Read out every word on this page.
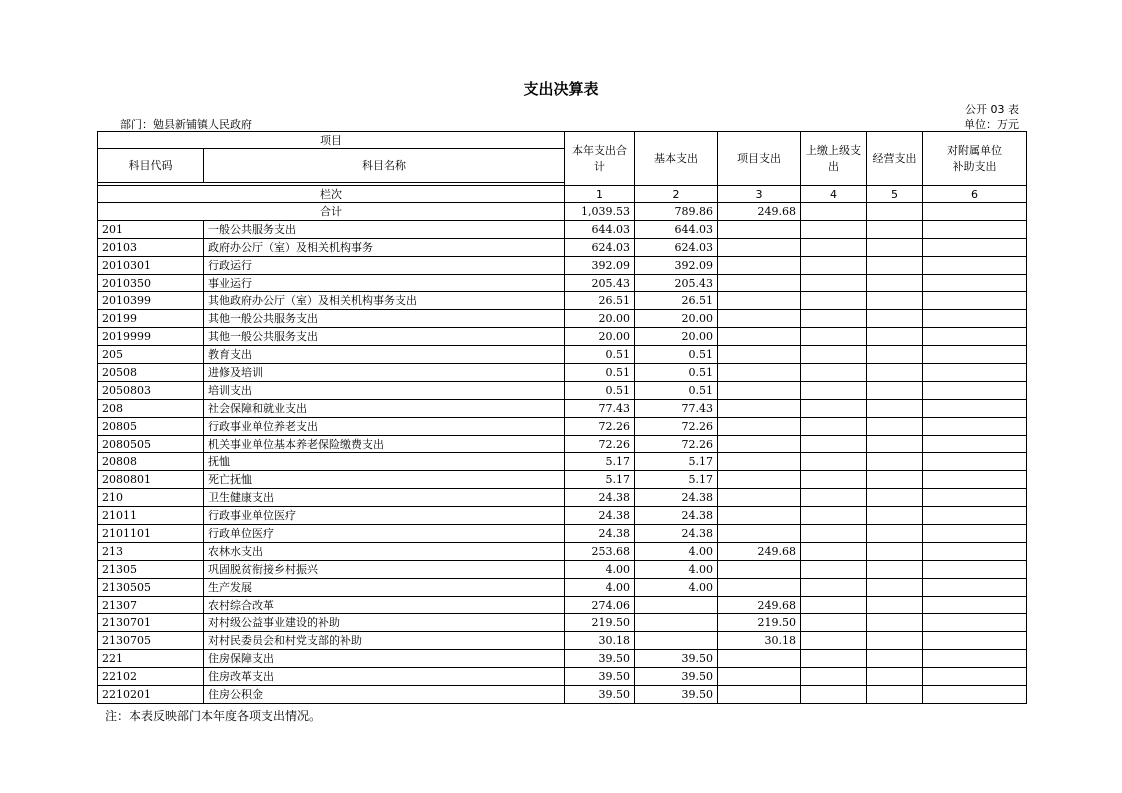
支出决算表
公开 03 表
部门：勉县新铺镇人民政府	单位：万元
项目		本年支出合计	基本支出	项目支出	上缴上级支出	经营支出	对附属单位补助支出
科目代码	科目名称						

栏次		1	2	3	4	5	6
合计		1,039.53	789.86	249.68			
201	一般公共服务支出	644.03	644.03				
20103	政府办公厅（室）及相关机构事务	624.03	624.03				
2010301	行政运行	392.09	392.09				
2010350	事业运行	205.43	205.43				
2010399	其他政府办公厅（室）及相关机构事务支出	26.51	26.51				
20199	其他一般公共服务支出	20.00	20.00				
2019999	其他一般公共服务支出	20.00	20.00				
205	教育支出	0.51	0.51				
20508	进修及培训	0.51	0.51				
2050803	培训支出	0.51	0.51				
208	社会保障和就业支出	77.43	77.43				
20805	行政事业单位养老支出	72.26	72.26				
2080505	机关事业单位基本养老保险缴费支出	72.26	72.26				
20808	抚恤	5.17	5.17				
2080801	死亡抚恤	5.17	5.17				
210	卫生健康支出	24.38	24.38				
21011	行政事业单位医疗	24.38	24.38				
2101101	行政单位医疗	24.38	24.38				
213	农林水支出	253.68	4.00	249.68			
21305	巩固脱贫衔接乡村振兴	4.00	4.00				
2130505	生产发展	4.00	4.00				
21307	农村综合改革	274.06		249.68			
2130701	对村级公益事业建设的补助	219.50		219.50			
2130705	对村民委员会和村党支部的补助	30.18		30.18			
221	住房保障支出	39.50	39.50				
22102	住房改革支出	39.50	39.50				
2210201	住房公积金	39.50	39.50				
注：本表反映部门本年度各项支出情况。
